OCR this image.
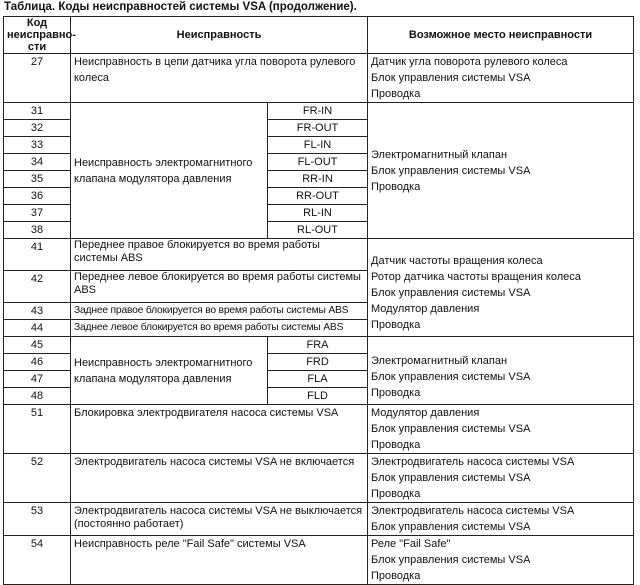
Таблица. Коды неисправностей системы VSA (продолжение).
Код неисправно-сти	Неисправность		Возможное место неисправности
27	Неисправность в цепи датчика угла поворота рулевого колеса		Датчик угла поворота рулевого колеса
Блок управления системы VSA
Проводка

31	Неисправность электромагнитного клапана модулятора давления	FR-IN	Электромагнитный клапан
Блок управления системы VSA
Проводка

32		FR-OUT	
33		FL-IN	
34		FL-OUT	
35		RR-IN	
36		RR-OUT	
37		RL-IN	
38		RL-OUT	
41	Переднее правое блокируется во время работы системы ABS		Датчик частоты вращения колеса
Ротор датчика частоты вращения колеса
Блок управления системы VSA
Модулятор давления
Проводка

42	Переднее левое блокируется во время работы системы ABS		
43	Заднее правое блокируется во время работы системы ABS		
44	Заднее левое блокируется во время работы системы ABS		
45	Неисправность электромагнитного клапана модулятора давления	FRA	Электромагнитный клапан
Блок управления системы VSA
Проводка

46		FRD	
47		FLA	
48		FLD	
51	Блокировка электродвигателя насоса системы VSA		Модулятор давления
Блок управления системы VSA
Проводка

52	Электродвигатель насоса системы VSA не включается		Электродвигатель насоса системы VSA
Блок управления системы VSA
Проводка

53	Электродвигатель насоса системы VSA не выключается (постоянно работает)		Электродвигатель насоса системы VSA
Блок управления системы VSA

54	Неисправность реле "Fail Safe" системы VSA		Реле "Fail Safe"
Блок управления системы VSA
Проводка
